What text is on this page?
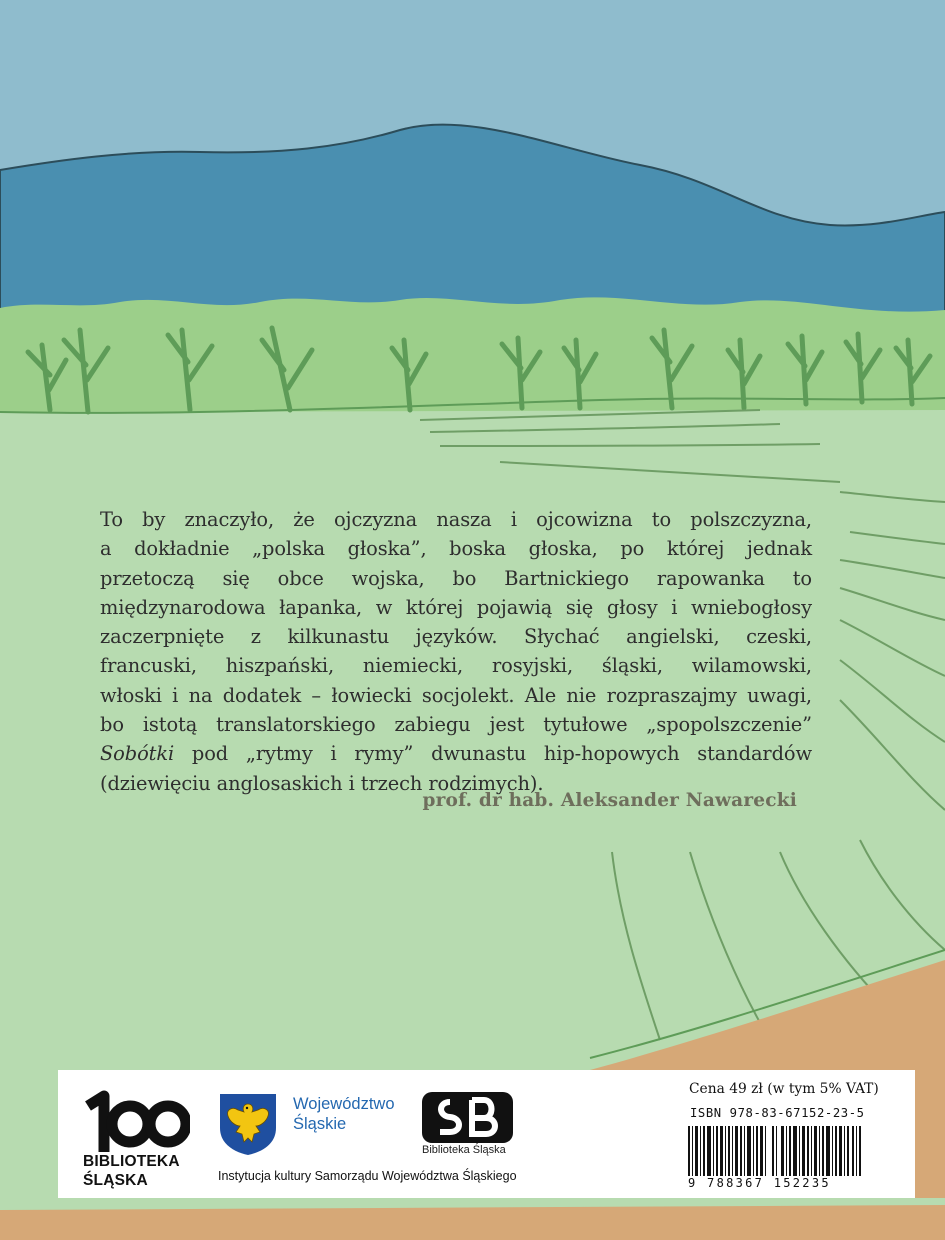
To by znaczyło, że ojczyzna nasza i ojcowizna to polszczyzna,

a dokładnie „polska głoska”, boska głoska, po której jednak

przetoczą się obce wojska, bo Bartnickiego rapowanka to

międzynarodowa łapanka, w której pojawią się głosy i wniebogłosy

zaczerpnięte z kilkunastu języków. Słychać angielski, czeski,

francuski, hiszpański, niemiecki, rosyjski, śląski, wilamowski,

włoski i na dodatek – łowiecki socjolekt. Ale nie rozpraszajmy uwagi,

bo istotą translatorskiego zabiegu jest tytułowe „spopolszczenie”

Sobótki pod „rytmy i rymy” dwunastu hip-hopowych standardów

(dziewięciu anglosaskich i trzech rodzimych).

prof. dr hab. Aleksander Nawarecki
BIBLIOTEKA
ŚLĄSKA
Województwo
Śląskie
Biblioteka Śląska
Instytucja kultury Samorządu Województwa Śląskiego
Cena 49 zł (w tym 5% VAT)
ISBN 978-83-67152-23-5
9 788367 152235
